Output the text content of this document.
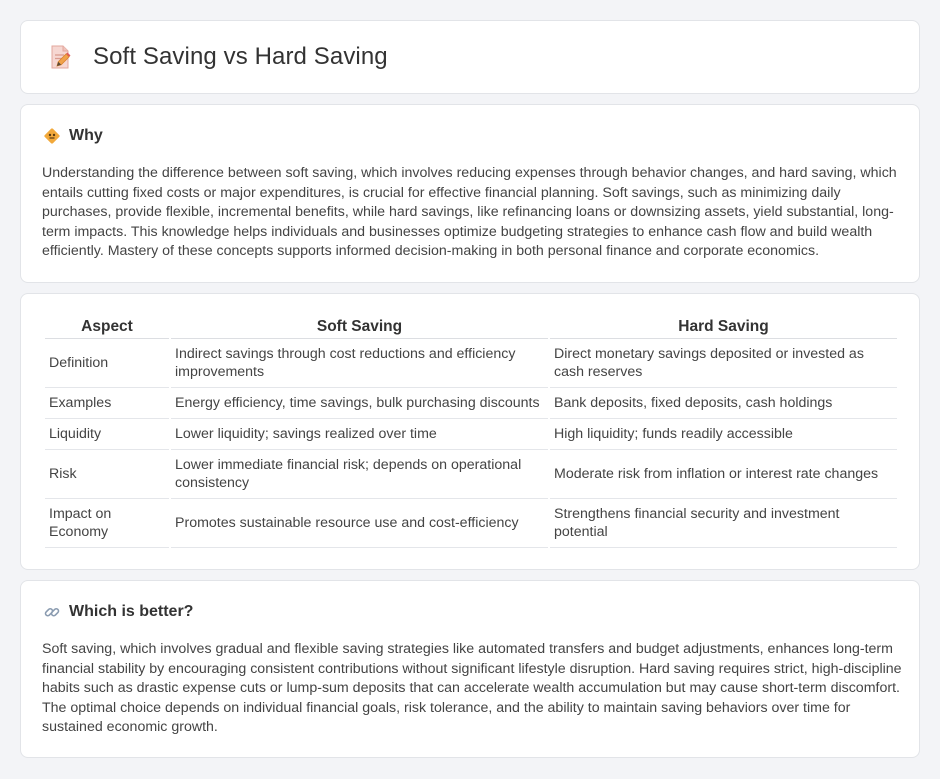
Soft Saving vs Hard Saving
Why

Understanding the difference between soft saving, which involves reducing expenses through behavior changes, and hard saving, which entails cutting fixed costs or major expenditures, is crucial for effective financial planning. Soft savings, such as minimizing daily purchases, provide flexible, incremental benefits, while hard savings, like refinancing loans or downsizing assets, yield substantial, long-term impacts. This knowledge helps individuals and businesses optimize budgeting strategies to enhance cash flow and build wealth efficiently. Mastery of these concepts supports informed decision-making in both personal finance and corporate economics.

Aspect	Soft Saving	Hard Saving
Definition	Indirect savings through cost reductions and efficiency improvements	Direct monetary savings deposited or invested as cash reserves
Examples	Energy efficiency, time savings, bulk purchasing discounts	Bank deposits, fixed deposits, cash holdings
Liquidity	Lower liquidity; savings realized over time	High liquidity; funds readily accessible
Risk	Lower immediate financial risk; depends on operational consistency	Moderate risk from inflation or interest rate changes
Impact on Economy	Promotes sustainable resource use and cost-efficiency	Strengthens financial security and investment potential
Which is better?

Soft saving, which involves gradual and flexible saving strategies like automated transfers and budget adjustments, enhances long-term financial stability by encouraging consistent contributions without significant lifestyle disruption. Hard saving requires strict, high-discipline habits such as drastic expense cuts or lump-sum deposits that can accelerate wealth accumulation but may cause short-term discomfort. The optimal choice depends on individual financial goals, risk tolerance, and the ability to maintain saving behaviors over time for sustained economic growth.
